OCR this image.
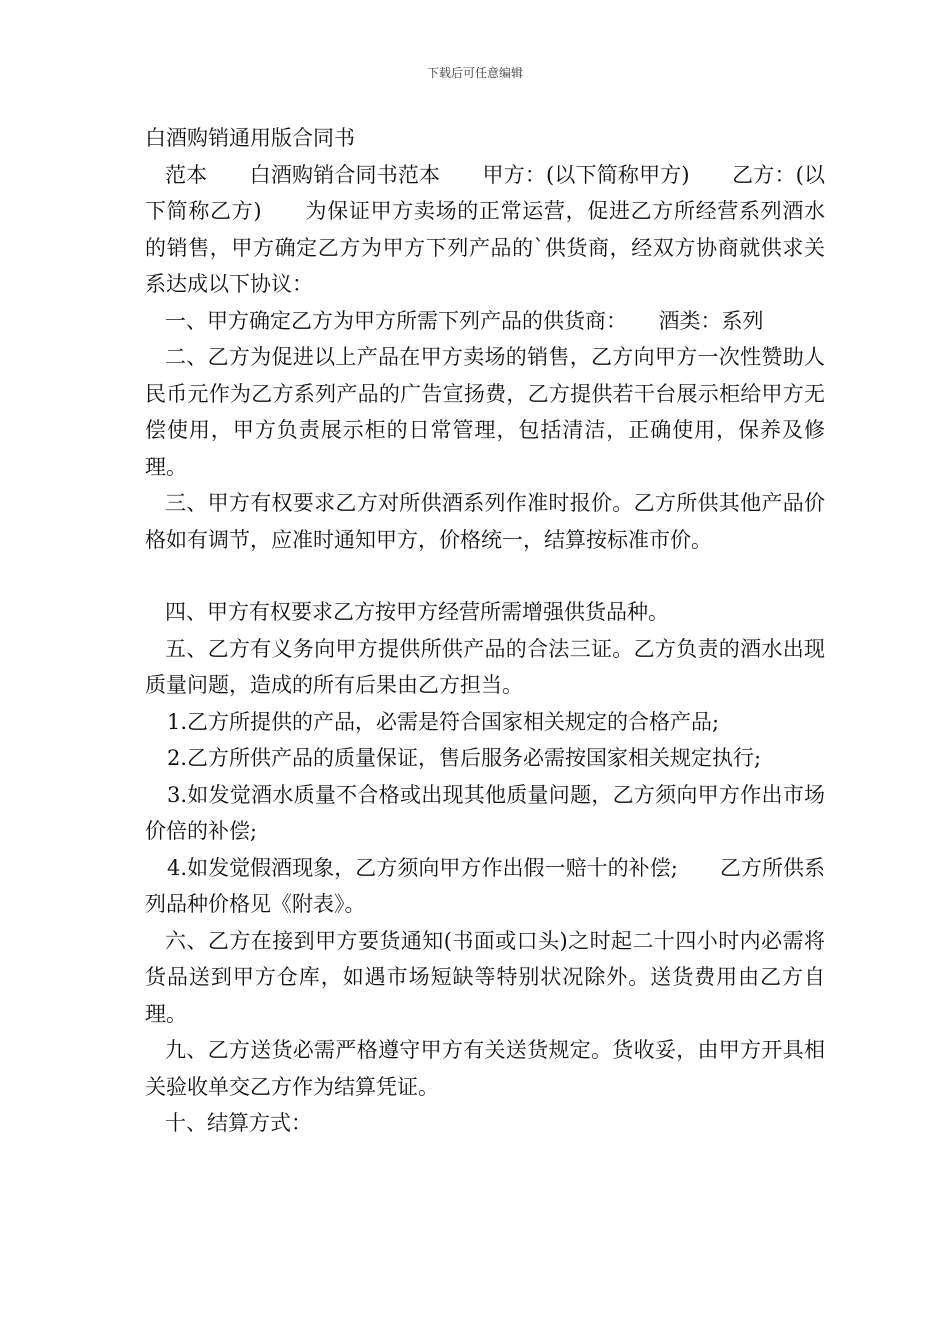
下载后可任意编辑

白酒购销通用版合同书

范本　　白酒购销合同书范本　　甲方：(以下简称甲方)　　乙方：(以下简称乙方)　　为保证甲方卖场的正常运营，促进乙方所经营系列酒水的销售，甲方确定乙方为甲方下列产品的`供货商，经双方协商就供求关系达成以下协议：

一、甲方确定乙方为甲方所需下列产品的供货商：　　酒类：系列

二、乙方为促进以上产品在甲方卖场的销售，乙方向甲方一次性赞助人民币元作为乙方系列产品的广告宣扬费，乙方提供若干台展示柜给甲方无偿使用，甲方负责展示柜的日常管理，包括清洁，正确使用，保养及修理。

三、甲方有权要求乙方对所供酒系列作准时报价。乙方所供其他产品价格如有调节，应准时通知甲方，价格统一，结算按标准市价。

四、甲方有权要求乙方按甲方经营所需增强供货品种。

五、乙方有义务向甲方提供所供产品的合法三证。乙方负责的酒水出现质量问题，造成的所有后果由乙方担当。

1.乙方所提供的产品，必需是符合国家相关规定的合格产品;

2.乙方所供产品的质量保证，售后服务必需按国家相关规定执行;

3.如发觉酒水质量不合格或出现其他质量问题，乙方须向甲方作出市场价倍的补偿;

4.如发觉假酒现象，乙方须向甲方作出假一赔十的补偿;　　乙方所供系列品种价格见《附表》。

六、乙方在接到甲方要货通知(书面或口头)之时起二十四小时内必需将货品送到甲方仓库，如遇市场短缺等特别状况除外。送货费用由乙方自理。

九、乙方送货必需严格遵守甲方有关送货规定。货收妥，由甲方开具相关验收单交乙方作为结算凭证。

十、结算方式：
